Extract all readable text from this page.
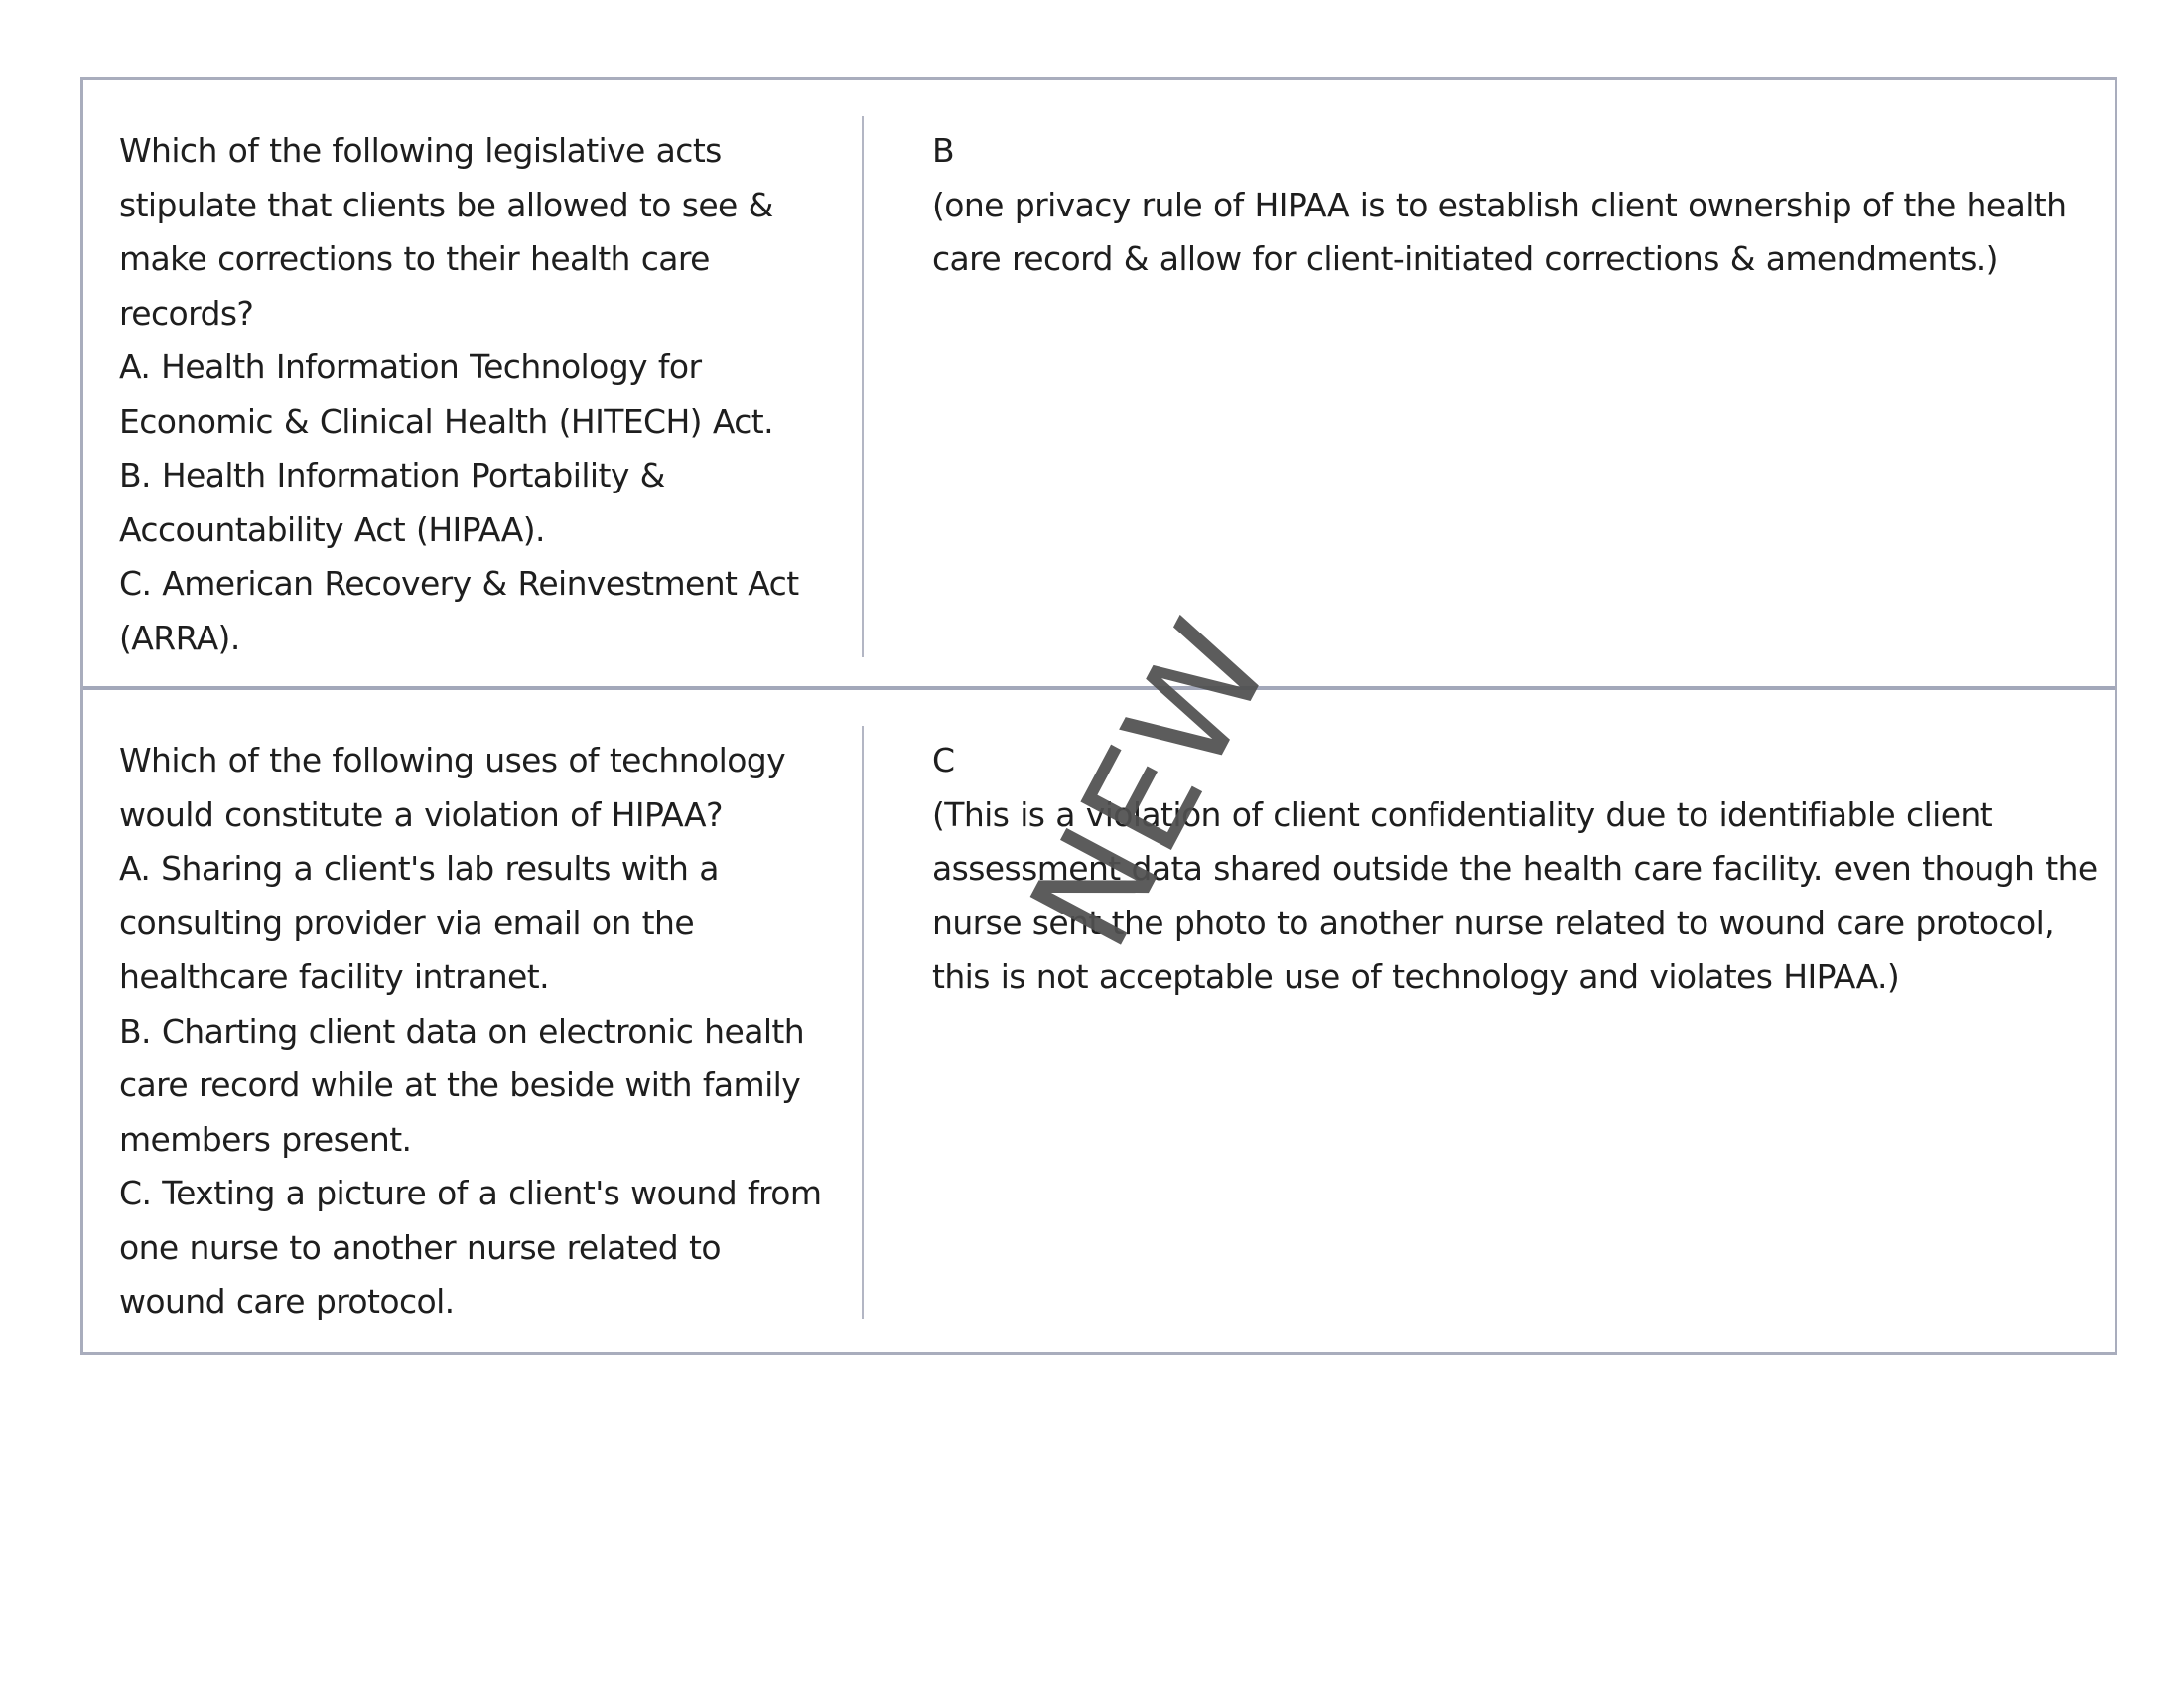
Which of the following legislative acts
stipulate that clients be allowed to see &
make corrections to their health care
records?
A. Health Information Technology for
Economic & Clinical Health (HITECH) Act.
B. Health Information Portability &
Accountability Act (HIPAA).
C. American Recovery & Reinvestment Act
(ARRA).
B
(one privacy rule of HIPAA is to establish client ownership of the health
care record & allow for client-initiated corrections & amendments.)
Which of the following uses of technology
would constitute a violation of HIPAA?
A. Sharing a client's lab results with a
consulting provider via email on the
healthcare facility intranet.
B. Charting client data on electronic health
care record while at the beside with family
members present.
C. Texting a picture of a client's wound from
one nurse to another nurse related to
wound care protocol.
C
(This is a violation of client confidentiality due to identifiable client
assessment data shared outside the health care facility. even though the
nurse sent the photo to another nurse related to wound care protocol,
this is not acceptable use of technology and violates HIPAA.)
NEW
